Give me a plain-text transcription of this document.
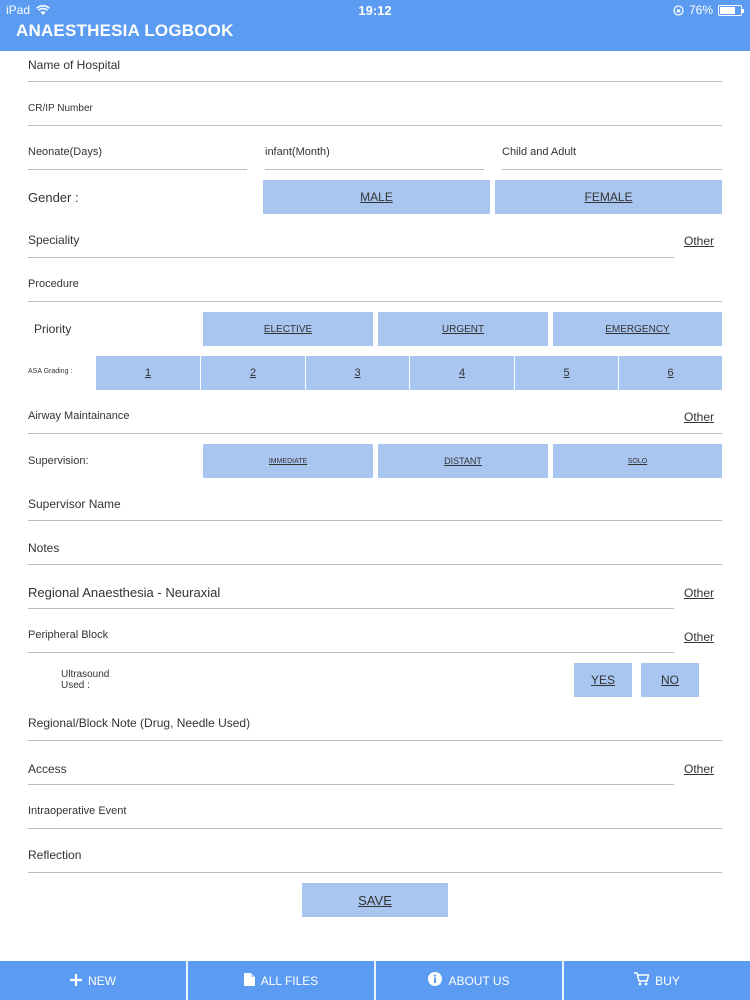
iPad	19:12	76%
ANAESTHESIA LOGBOOK
Name of Hospital
CR/IP Number
Neonate(Days)	infant(Month)	Child and Adult
Gender :	MALE	FEMALE
Speciality	Other
Procedure
Priority	ELECTIVE	URGENT	EMERGENCY
ASA Grading :	1	2	3	4	5	6
Airway Maintainance	Other
Supervision:	IMMEDIATE	DISTANT	SOLO
Supervisor Name
Notes
Regional Anaesthesia - Neuraxial	Other
Peripheral Block	Other
Ultrasound
Used :	YES	NO
Regional/Block Note (Drug, Needle Used)
Access	Other
Intraoperative Event
Reflection
SAVE
NEW	ALL FILES	ABOUT US	BUY
